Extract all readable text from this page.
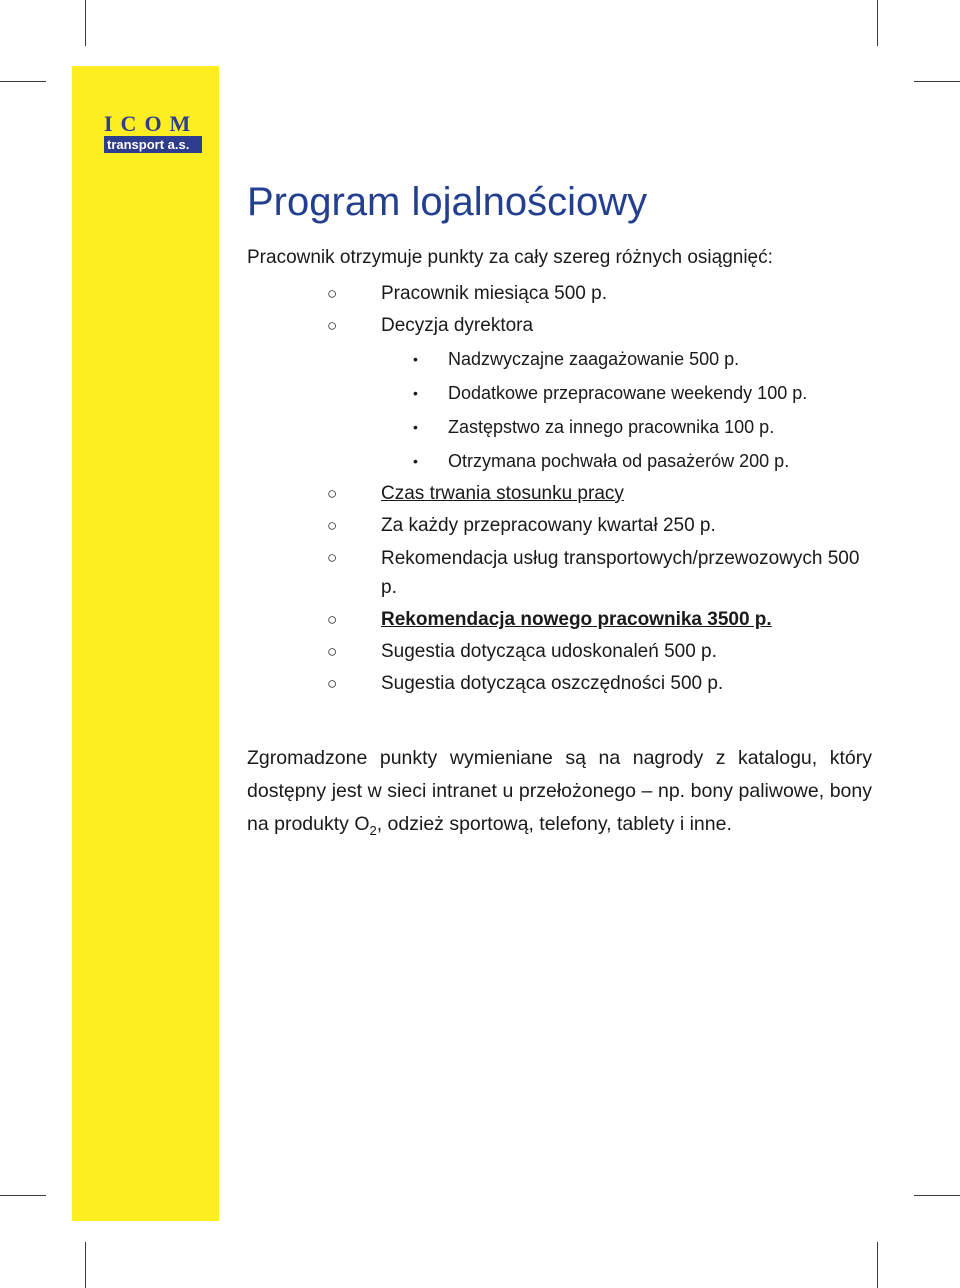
ICOM
transport a.s.
Program lojalnościowy

Pracownik otrzymuje punkty za cały szereg różnych osiągnięć:

○ Pracownik miesiąca 500 p.
○ Decyzja dyrektora
• Nadzwyczajne zaagażowanie 500 p.
• Dodatkowe przepracowane weekendy 100 p.
• Zastępstwo za innego pracownika 100 p.
• Otrzymana pochwała od pasażerów 200 p.
○ Czas trwania stosunku pracy
○ Za każdy przepracowany kwartał 250 p.
○ Rekomendacja usług transportowych/przewozowych 500 p.
○ Rekomendacja nowego pracownika 3500 p.
○ Sugestia dotycząca udoskonaleń 500 p.
○ Sugestia dotycząca oszczędności 500 p.

Zgromadzone punkty wymieniane są na nagrody z katalogu, który dostępny jest w sieci intranet u przełożonego – np. bony paliwowe, bony na produkty $O_2$, odzież sportową, telefony, tablety i inne.
